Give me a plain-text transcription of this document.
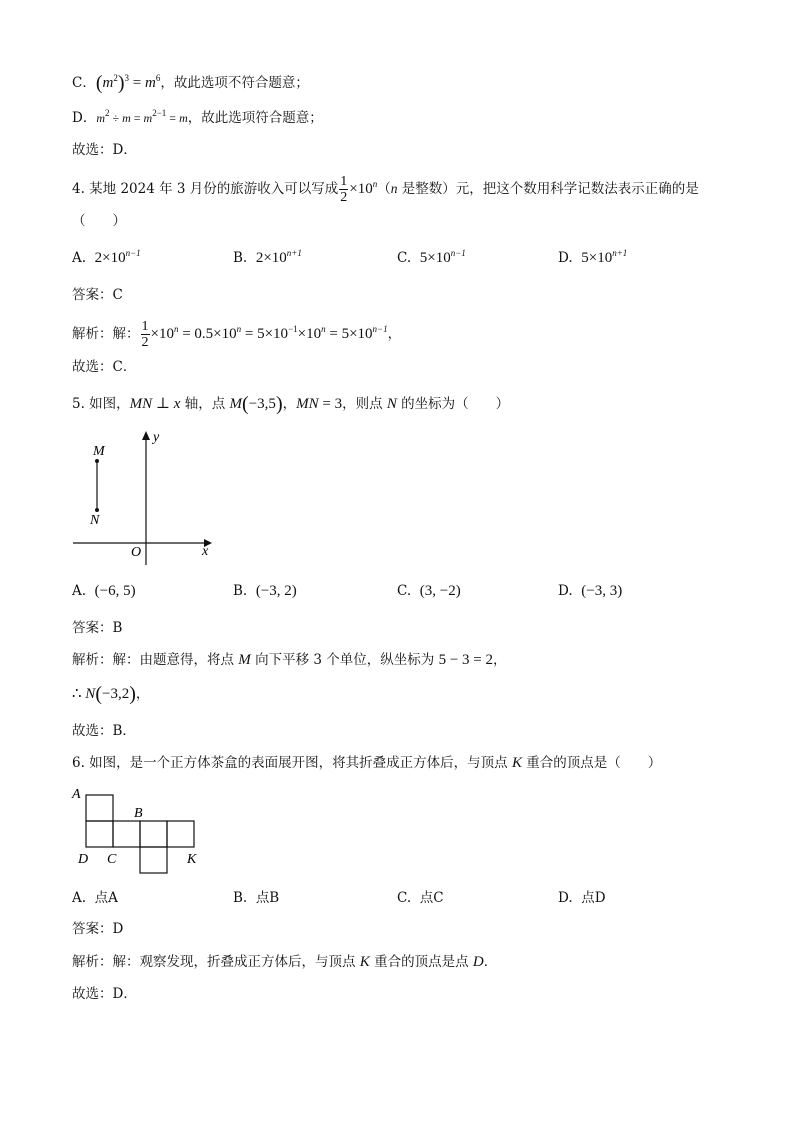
C．$(m^2)^3 = m^6$，故此选项不符合题意；
D．$m^2 \div m = m^{2-1} = m$，故此选项符合题意；
故选：D．
4. 某地 2024 年 3 月份的旅游收入可以写成 $\frac{1}{2} \times 10^n(n$ 是整数）元，把这个数用科学记数法表示正确的是
（　　）
A. $2\times 10^{n-1}$	B. $2\times 10^{n+1}$	C. $5\times 10^{n-1}$	D. $5\times 10^{n+1}$
答案：C
解析：解： $\frac{1}{2} \times 10^n = 0.5\times 10^n = 5\times 10^{-1}\times 10^n = 5\times 10^{n-1}$，
故选：C．
5. 如图，MN ⊥ x 轴，点 M(−3,5)，MN = 3，则点 N 的坐标为（　　）
M
N
O	x
y
A. (−6, 5)	B. (−3, 2)	C. (3, −2)	D. (−3, 3)
答案：B
解析：解：由题意得，将点 M 向下平移 3 个单位，纵坐标为 5 − 3 = 2，
∴ N(−3,2)，
故选：B．
6. 如图，是一个正方体茶盒的表面展开图，将其折叠成正方体后，与顶点 K 重合的顶点是（　　）
A
B
D C	K
A. 点A	B. 点B	C. 点C	D. 点D
答案：D
解析：解：观察发现，折叠成正方体后，与顶点 K 重合的顶点是点 D．
故选：D．
